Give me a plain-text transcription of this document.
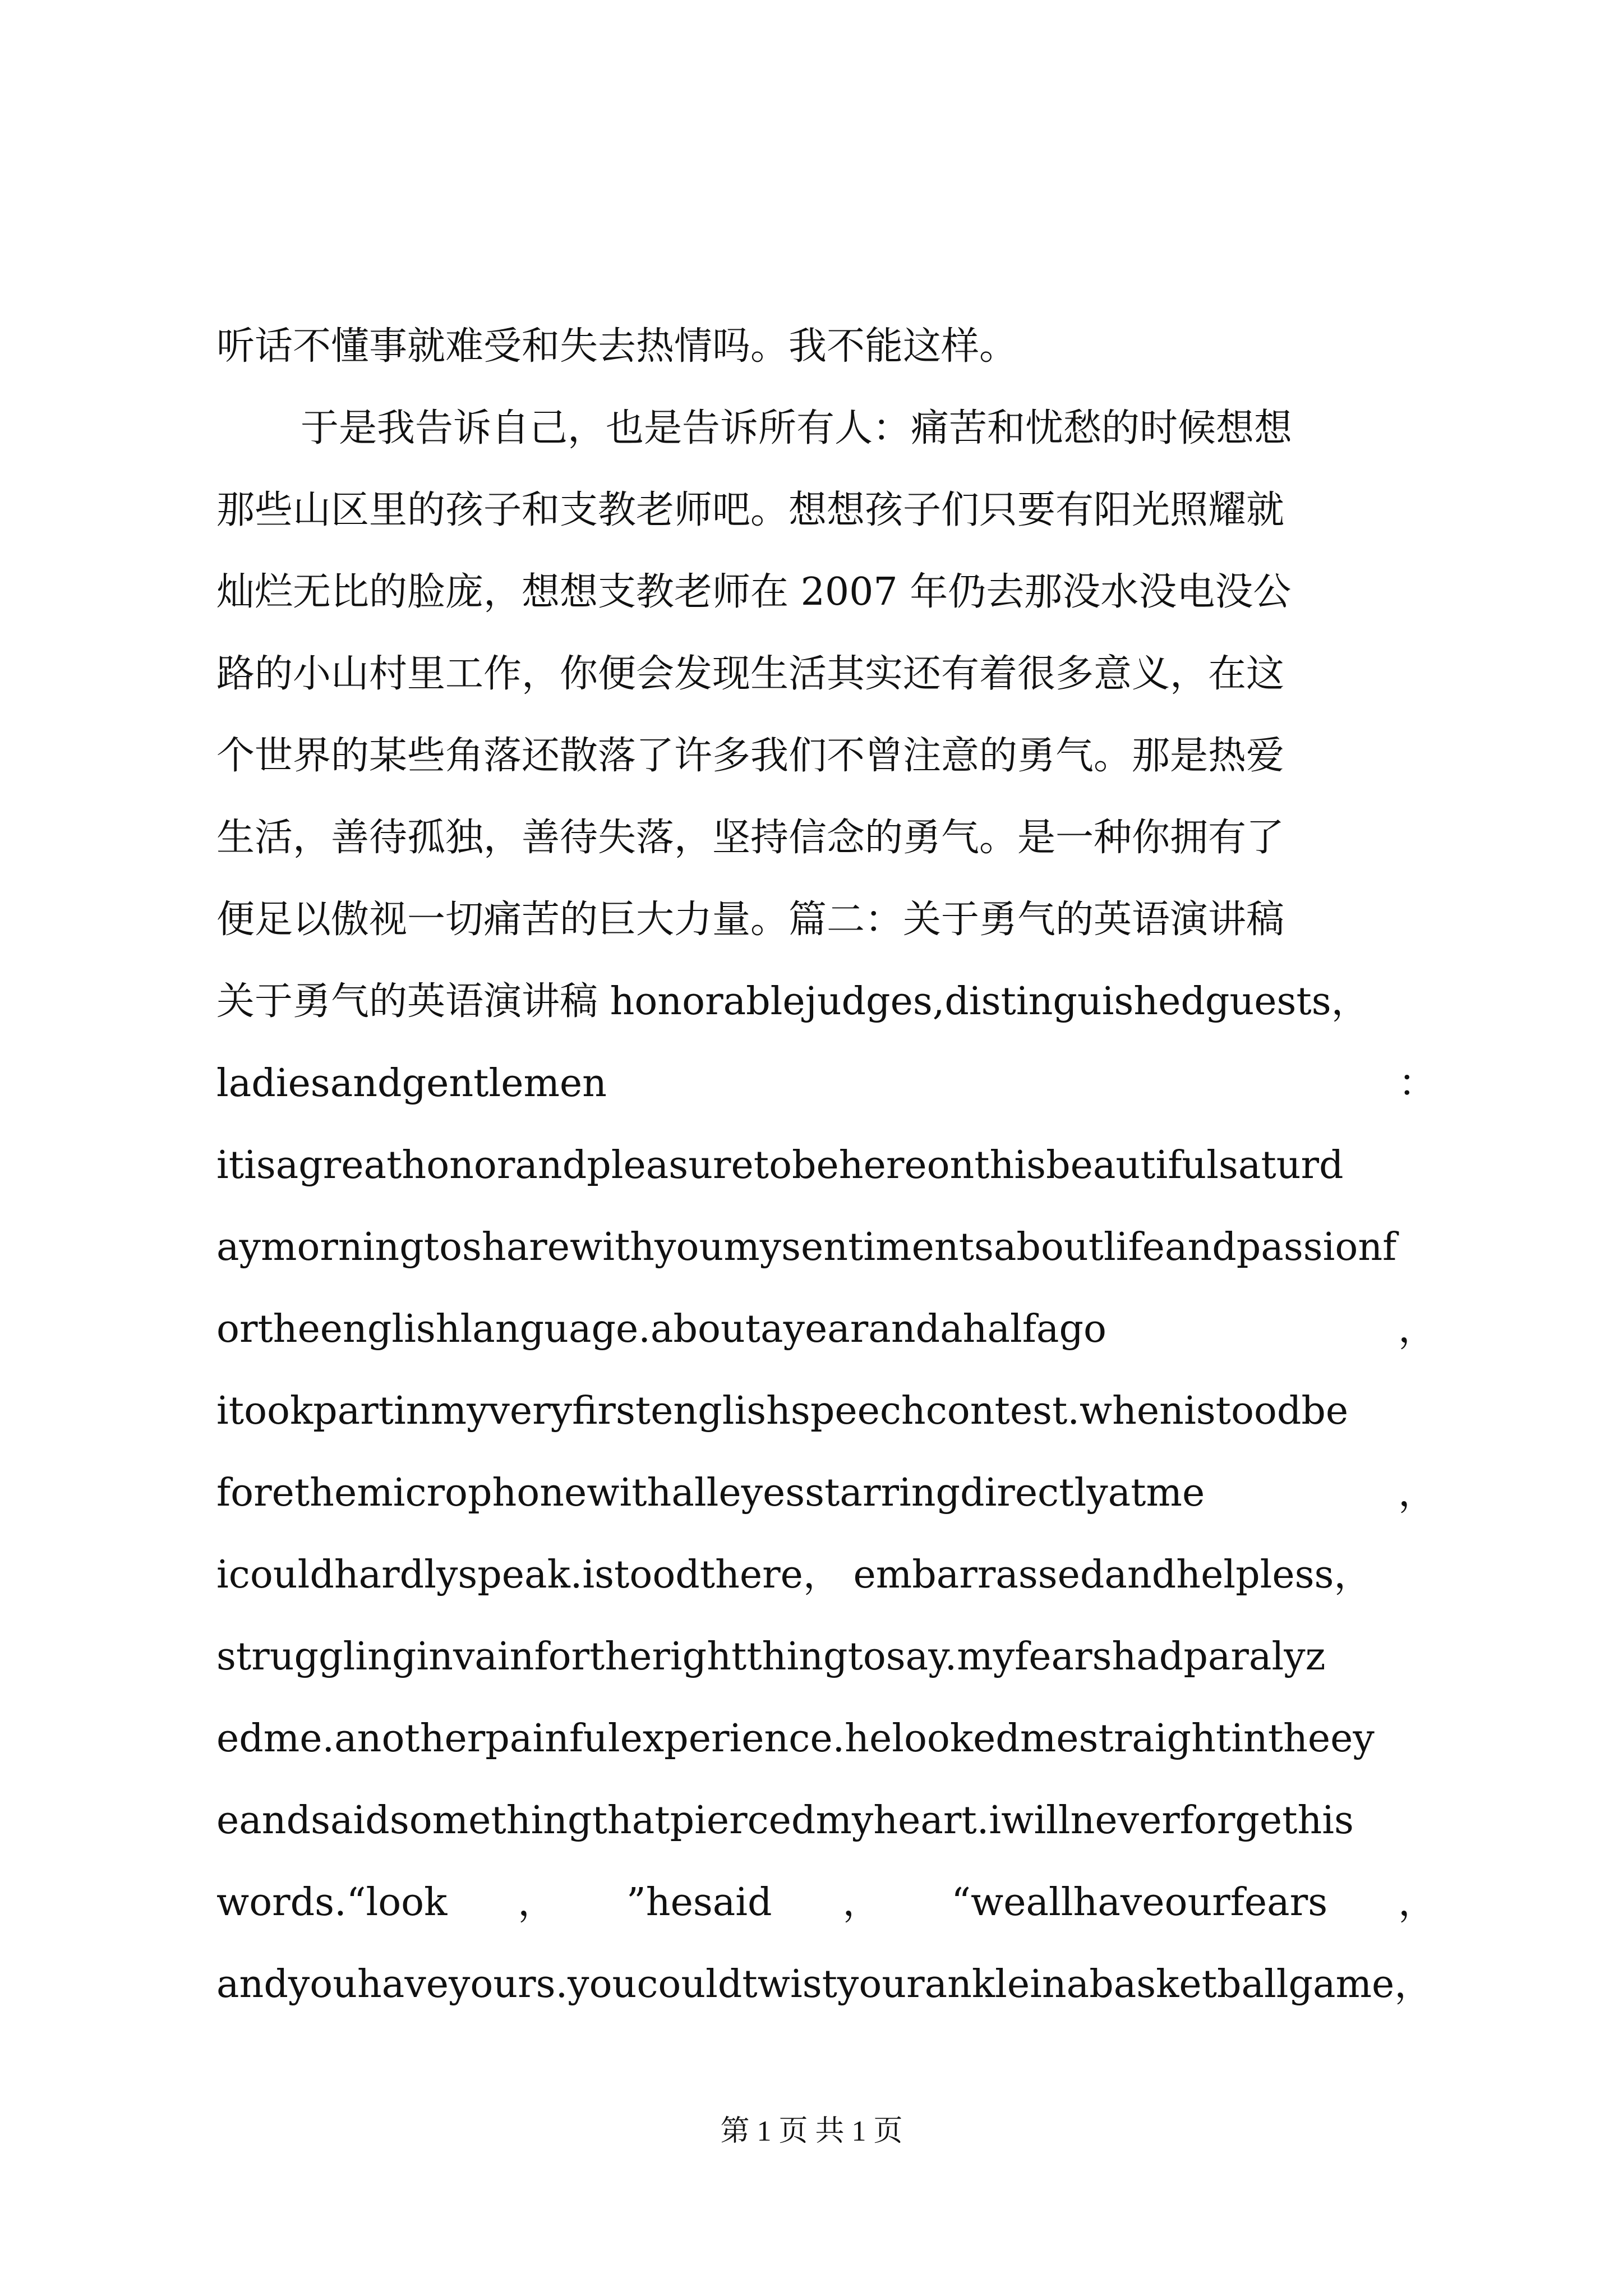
听话不懂事就难受和失去热情吗。我不能这样。
于是我告诉自己，也是告诉所有人：痛苦和忧愁的时候想想
那些山区里的孩子和支教老师吧。想想孩子们只要有阳光照耀就
灿烂无比的脸庞，想想支教老师在 2007 年仍去那没水没电没公
路的小山村里工作，你便会发现生活其实还有着很多意义，在这
个世界的某些角落还散落了许多我们不曾注意的勇气。那是热爱
生活，善待孤独，善待失落，坚持信念的勇气。是一种你拥有了
便足以傲视一切痛苦的巨大力量。篇二：关于勇气的英语演讲稿
关于勇气的英语演讲稿 honorablejudges,distinguishedguests，
ladiesandgentlemen	：
itisagreathonorandpleasuretobehereonthisbeautifulsaturd
aymorningtosharewithyoumysentimentsaboutlifeandpassionf
ortheenglishlanguage.aboutayearandahalfago	，
itookpartinmyveryfirstenglishspeechcontest.whenistoodbe
forethemicrophonewithalleyesstarringdirectlyatme	，
icouldhardlyspeak.istoodthere， embarrassedandhelpless，
strugglinginvainfortherightthingtosay.myfearshadparalyz
edme.anotherpainfulexperience.helookedmestraightintheey
eandsaidsomethingthatpiercedmyheart.iwillneverforgethis
words.“look ， ”hesaid ， “weallhaveourfears ，
andyouhaveyours.youcouldtwistyourankleinabasketballgame，
第 1 页 共 1 页
